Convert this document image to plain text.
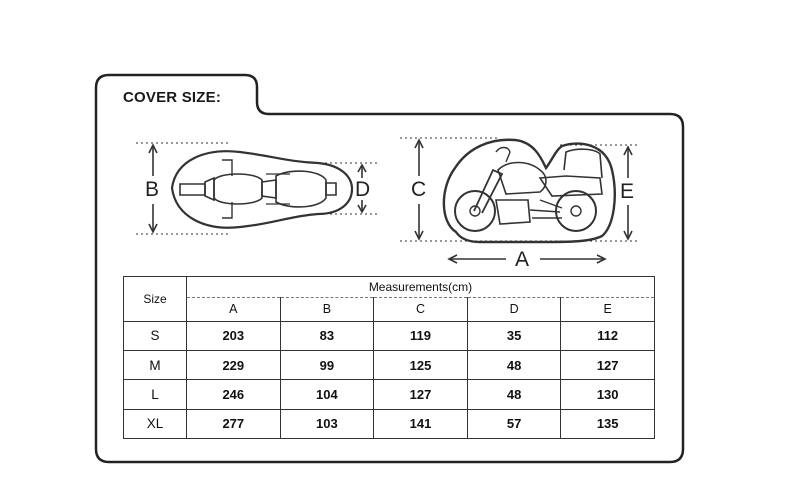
COVER SIZE:
B	D C	E
A
Size	Measurements(cm)				
	A	B	C	D	E
S	203	83	119	35	112
M	229	99	125	48	127
L	246	104	127	48	130
XL	277	103	141	57	135
